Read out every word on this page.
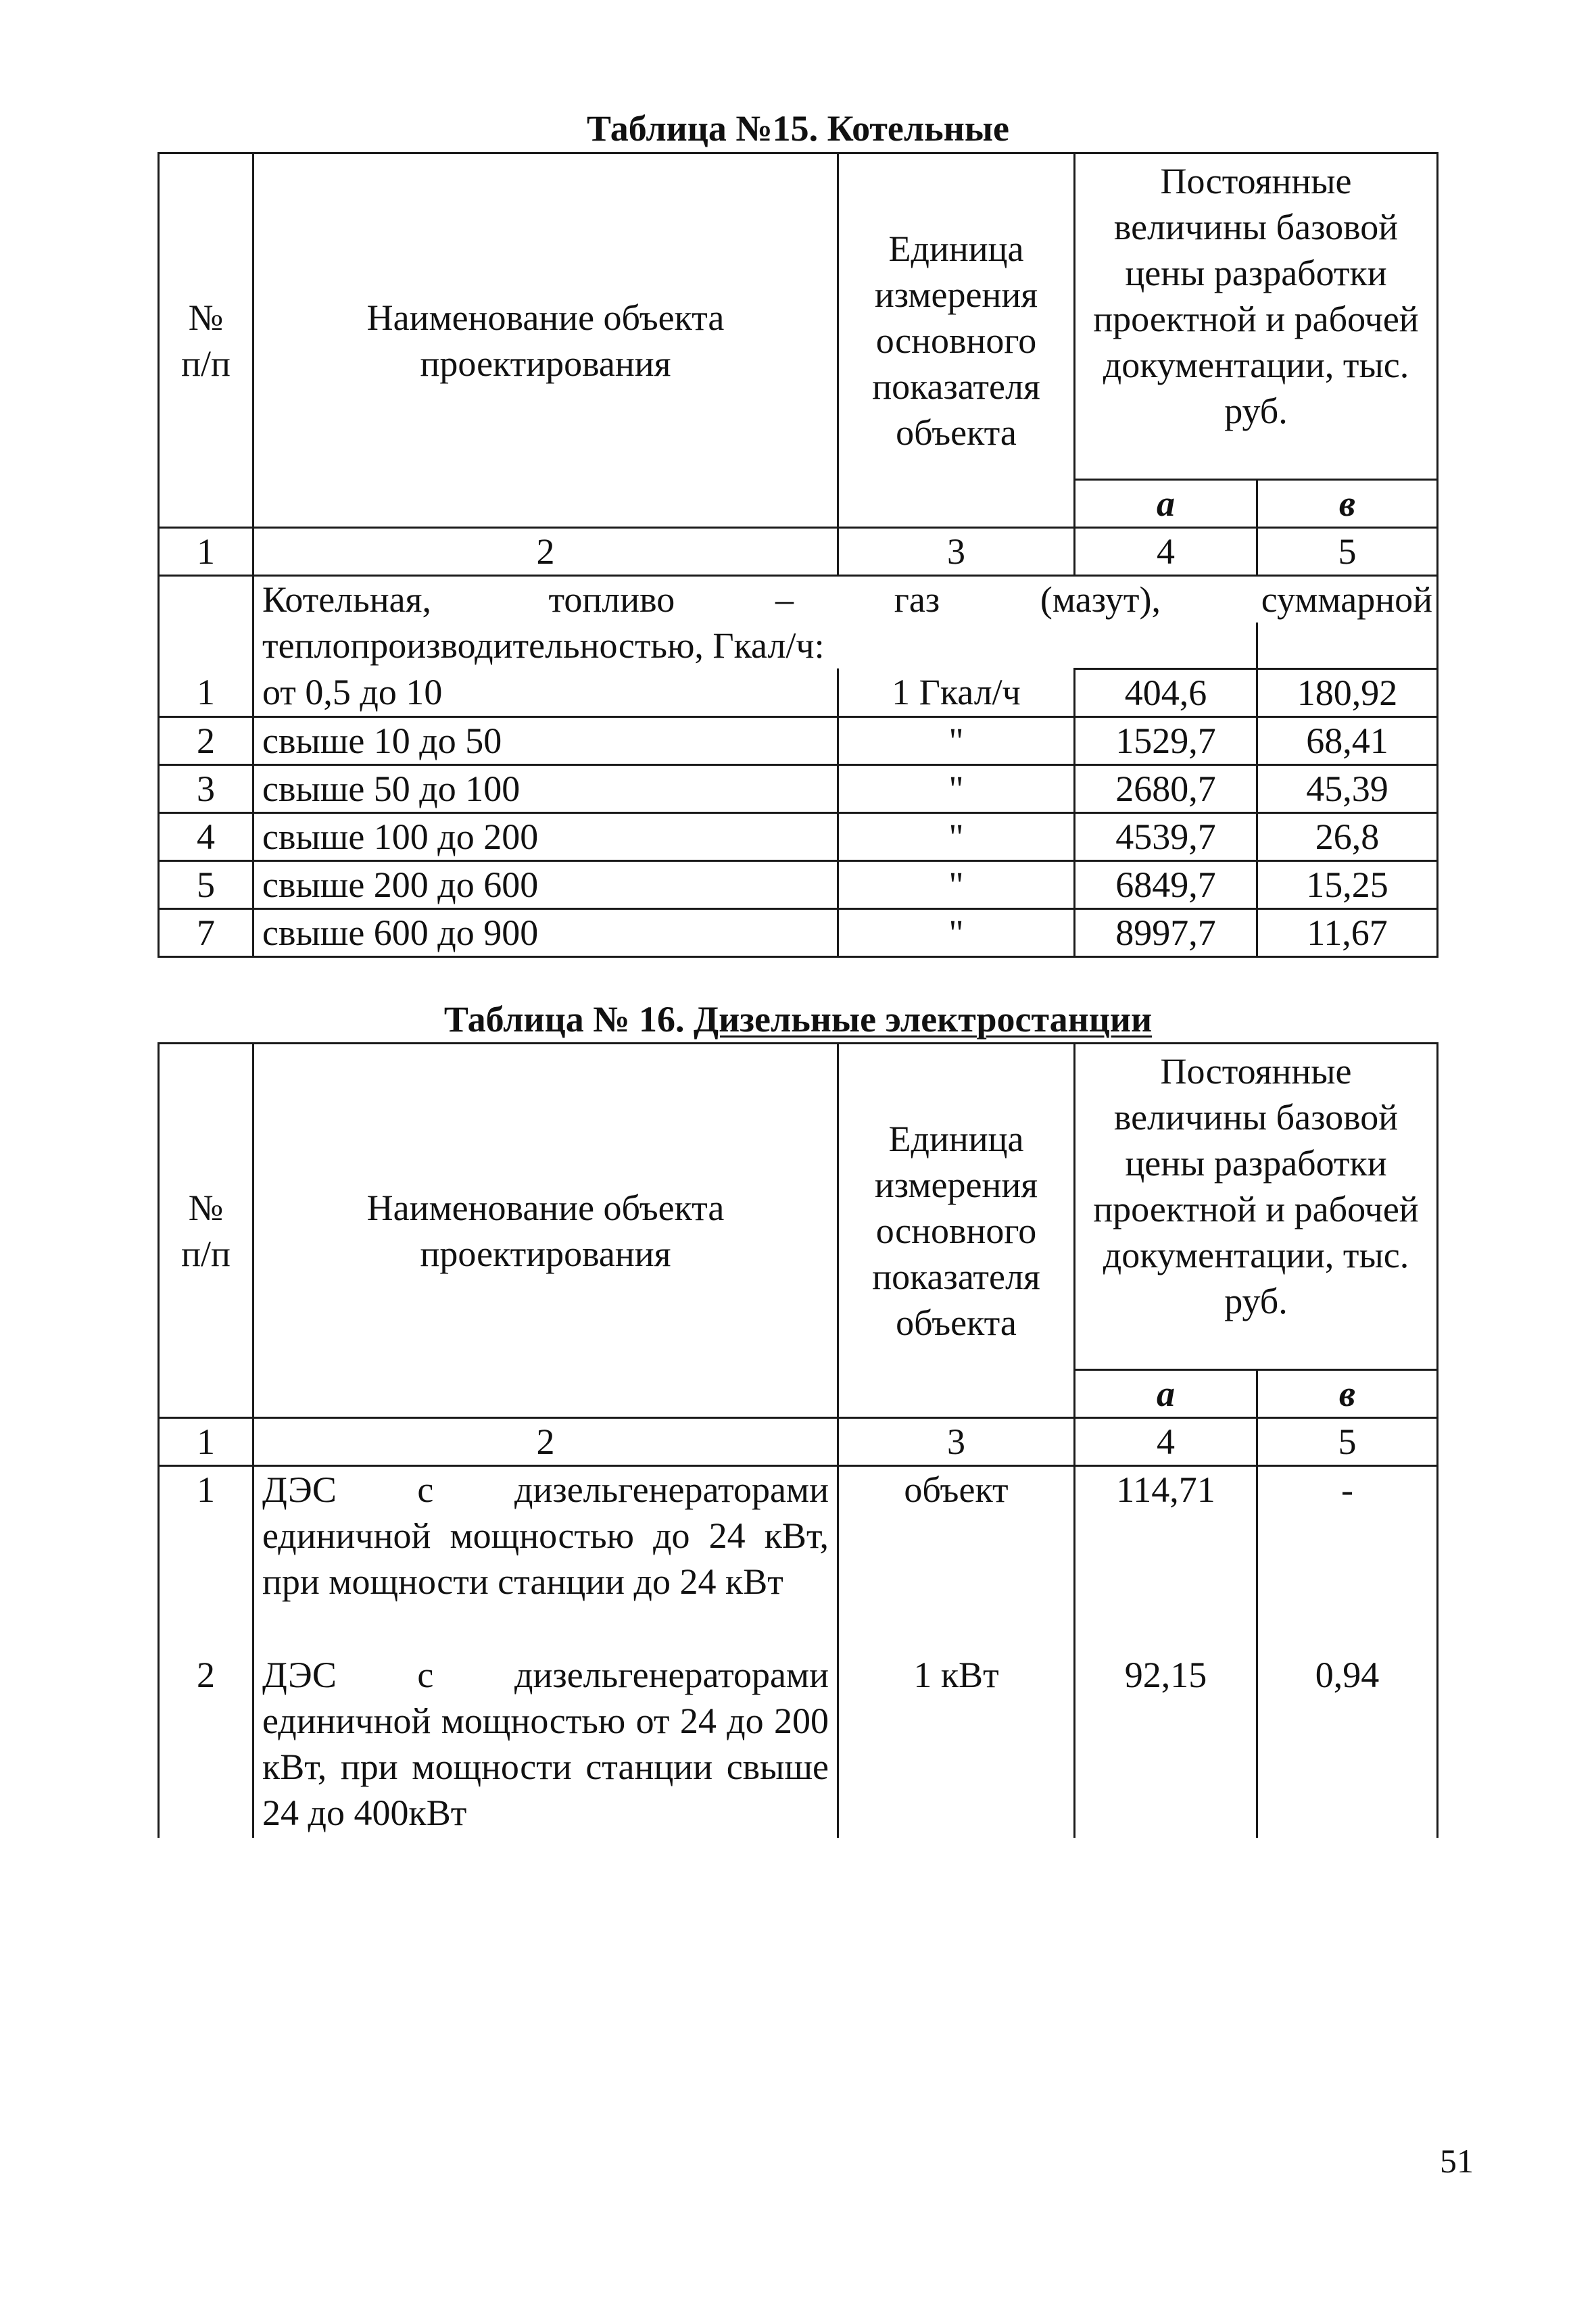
Таблица №15. Котельные
№ п/п	Наименование объекта проектирования	Единица измерения основного показателя объекта	Постоянные величины базовой цены разработки проектной и рабочей документации, тыс. руб.	
			а	в
1	2	3	4	5
	Котельная,       топливо      –      газ      (мазут),      суммарной			
	теплопроизводительностью, Гкал/ч:			
1	от 0,5 до 10	1 Гкал/ч	404,6	180,92
2	свыше 10 до 50	"	1529,7	68,41
3	свыше 50 до 100	"	2680,7	45,39
4	свыше 100 до 200	"	4539,7	26,8
5	свыше 200 до 600	"	6849,7	15,25
7	свыше 600 до 900	"	8997,7	11,67
Таблица № 16. Дизельные электростанции
№ п/п	Наименование объекта проектирования	Единица измерения основного показателя объекта	Постоянные величины базовой цены разработки проектной и рабочей документации, тыс. руб.	
			а	в
1	2	3	4	5
1	ДЭС с дизельгенераторами единичной мощностью до 24 кВт, при мощности станции до 24 кВт	объект	114,71	-
2	ДЭС с дизельгенераторами единичной мощностью от 24 до 200 кВт, при мощности станции свыше 24 до 400кВт	1 кВт	92,15	0,94
51
